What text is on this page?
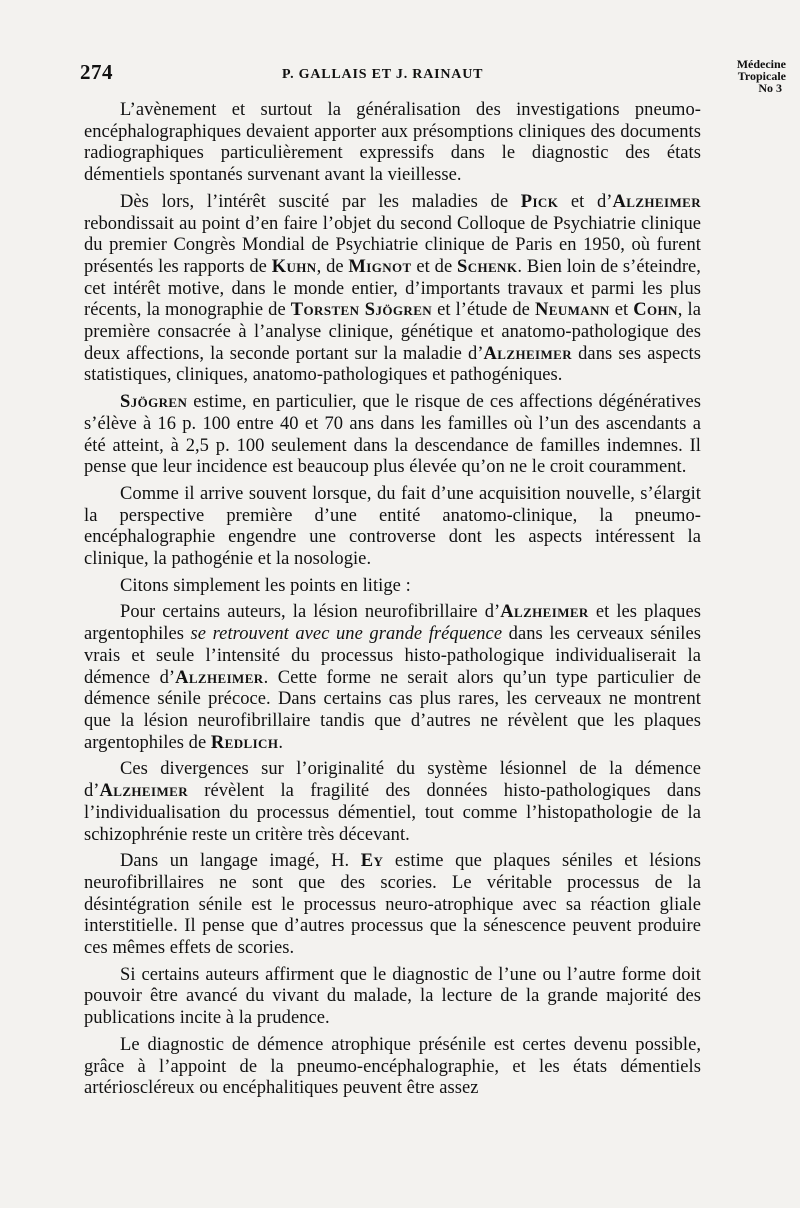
274	P. GALLAIS ET J. RAINAUT
Médecine
Tropicale
No 3

L’avènement et surtout la généralisation des investigations pneumo-encéphalographiques devaient apporter aux présomptions cliniques des documents radiographiques particulièrement expressifs dans le diagnostic des états démentiels spontanés survenant avant la vieillesse.

Dès lors, l’intérêt suscité par les maladies de Pick et d’Alzheimer rebondissait au point d’en faire l’objet du second Colloque de Psychiatrie clinique du premier Congrès Mondial de Psychiatrie clinique de Paris en 1950, où furent présentés les rapports de Kuhn, de Mignot et de Schenk. Bien loin de s’éteindre, cet intérêt motive, dans le monde entier, d’importants travaux et parmi les plus récents, la monographie de Torsten Sjögren et l’étude de Neumann et Cohn, la première consacrée à l’analyse clinique, génétique et anatomo-pathologique des deux affections, la seconde portant sur la maladie d’Alzheimer dans ses aspects statistiques, cliniques, anatomo-pathologiques et pathogéniques.

Sjögren estime, en particulier, que le risque de ces affections dégénératives s’élève à 16 p. 100 entre 40 et 70 ans dans les familles où l’un des ascendants a été atteint, à 2,5 p. 100 seulement dans la descendance de familles indemnes. Il pense que leur incidence est beaucoup plus élevée qu’on ne le croit couramment.

Comme il arrive souvent lorsque, du fait d’une acquisition nouvelle, s’élargit la perspective première d’une entité anatomo-clinique, la pneumo-encéphalographie engendre une controverse dont les aspects intéressent la clinique, la pathogénie et la nosologie.

Citons simplement les points en litige :

Pour certains auteurs, la lésion neurofibrillaire d’Alzheimer et les plaques argentophiles se retrouvent avec une grande fréquence dans les cerveaux séniles vrais et seule l’intensité du processus histo-pathologique individualiserait la démence d’Alzheimer. Cette forme ne serait alors qu’un type particulier de démence sénile précoce. Dans certains cas plus rares, les cerveaux ne montrent que la lésion neurofibrillaire tandis que d’autres ne révèlent que les plaques argentophiles de Redlich.

Ces divergences sur l’originalité du système lésionnel de la démence d’Alzheimer révèlent la fragilité des données histo-pathologiques dans l’individualisation du processus démentiel, tout comme l’histopathologie de la schizophrénie reste un critère très décevant.

Dans un langage imagé, H. Ey estime que plaques séniles et lésions neurofibrillaires ne sont que des scories. Le véritable processus de la désintégration sénile est le processus neuro-atrophique avec sa réaction gliale interstitielle. Il pense que d’autres processus que la sénescence peuvent produire ces mêmes effets de scories.

Si certains auteurs affirment que le diagnostic de l’une ou l’autre forme doit pouvoir être avancé du vivant du malade, la lecture de la grande majorité des publications incite à la prudence.

Le diagnostic de démence atrophique présénile est certes devenu possible, grâce à l’appoint de la pneumo-encéphalographie, et les états démentiels artérioscléreux ou encéphalitiques peuvent être assez
